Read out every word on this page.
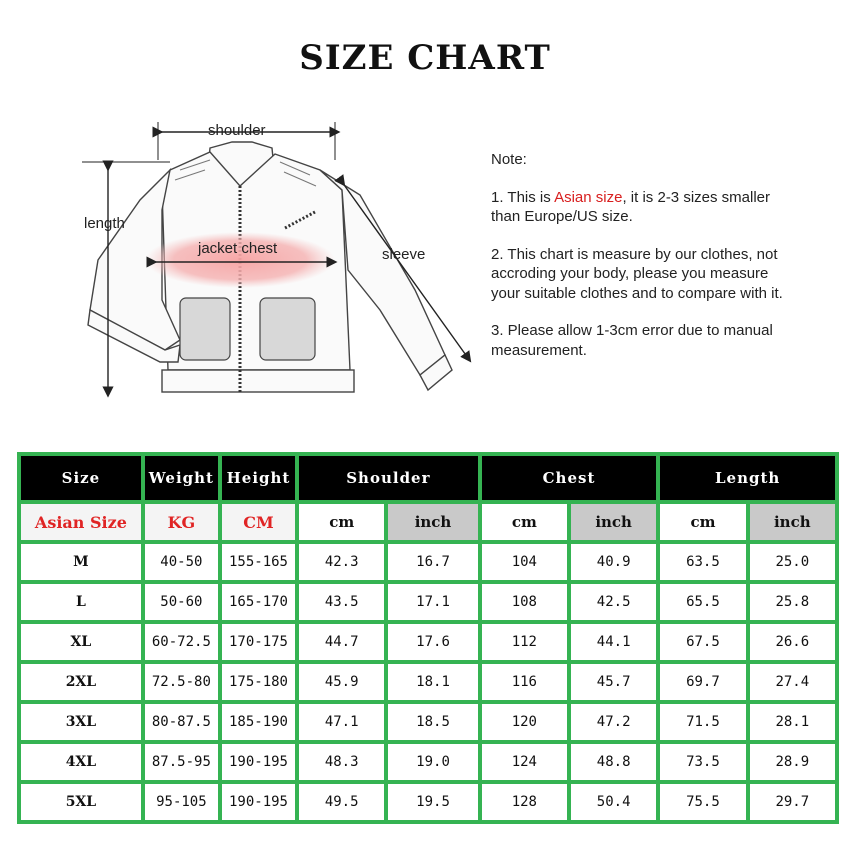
SIZE CHART
shoulder
length
jacket chest	sleeve

Note:

1. This is Asian size, it is 2-3 sizes smaller than Europe/US size.

2. This chart is measure by our clothes, not accroding your body, please you measure your suitable clothes and to compare with it.

3. Please allow 1-3cm error due to manual measurement.

Size	Weight	Height	Shoulder		Chest		Length	
Asian Size	KG	CM	cm	inch	cm	inch	cm	inch
M	40-50	155-165	42.3	16.7	104	40.9	63.5	25.0
L	50-60	165-170	43.5	17.1	108	42.5	65.5	25.8
XL	60-72.5	170-175	44.7	17.6	112	44.1	67.5	26.6
2XL	72.5-80	175-180	45.9	18.1	116	45.7	69.7	27.4
3XL	80-87.5	185-190	47.1	18.5	120	47.2	71.5	28.1
4XL	87.5-95	190-195	48.3	19.0	124	48.8	73.5	28.9
5XL	95-105	190-195	49.5	19.5	128	50.4	75.5	29.7
